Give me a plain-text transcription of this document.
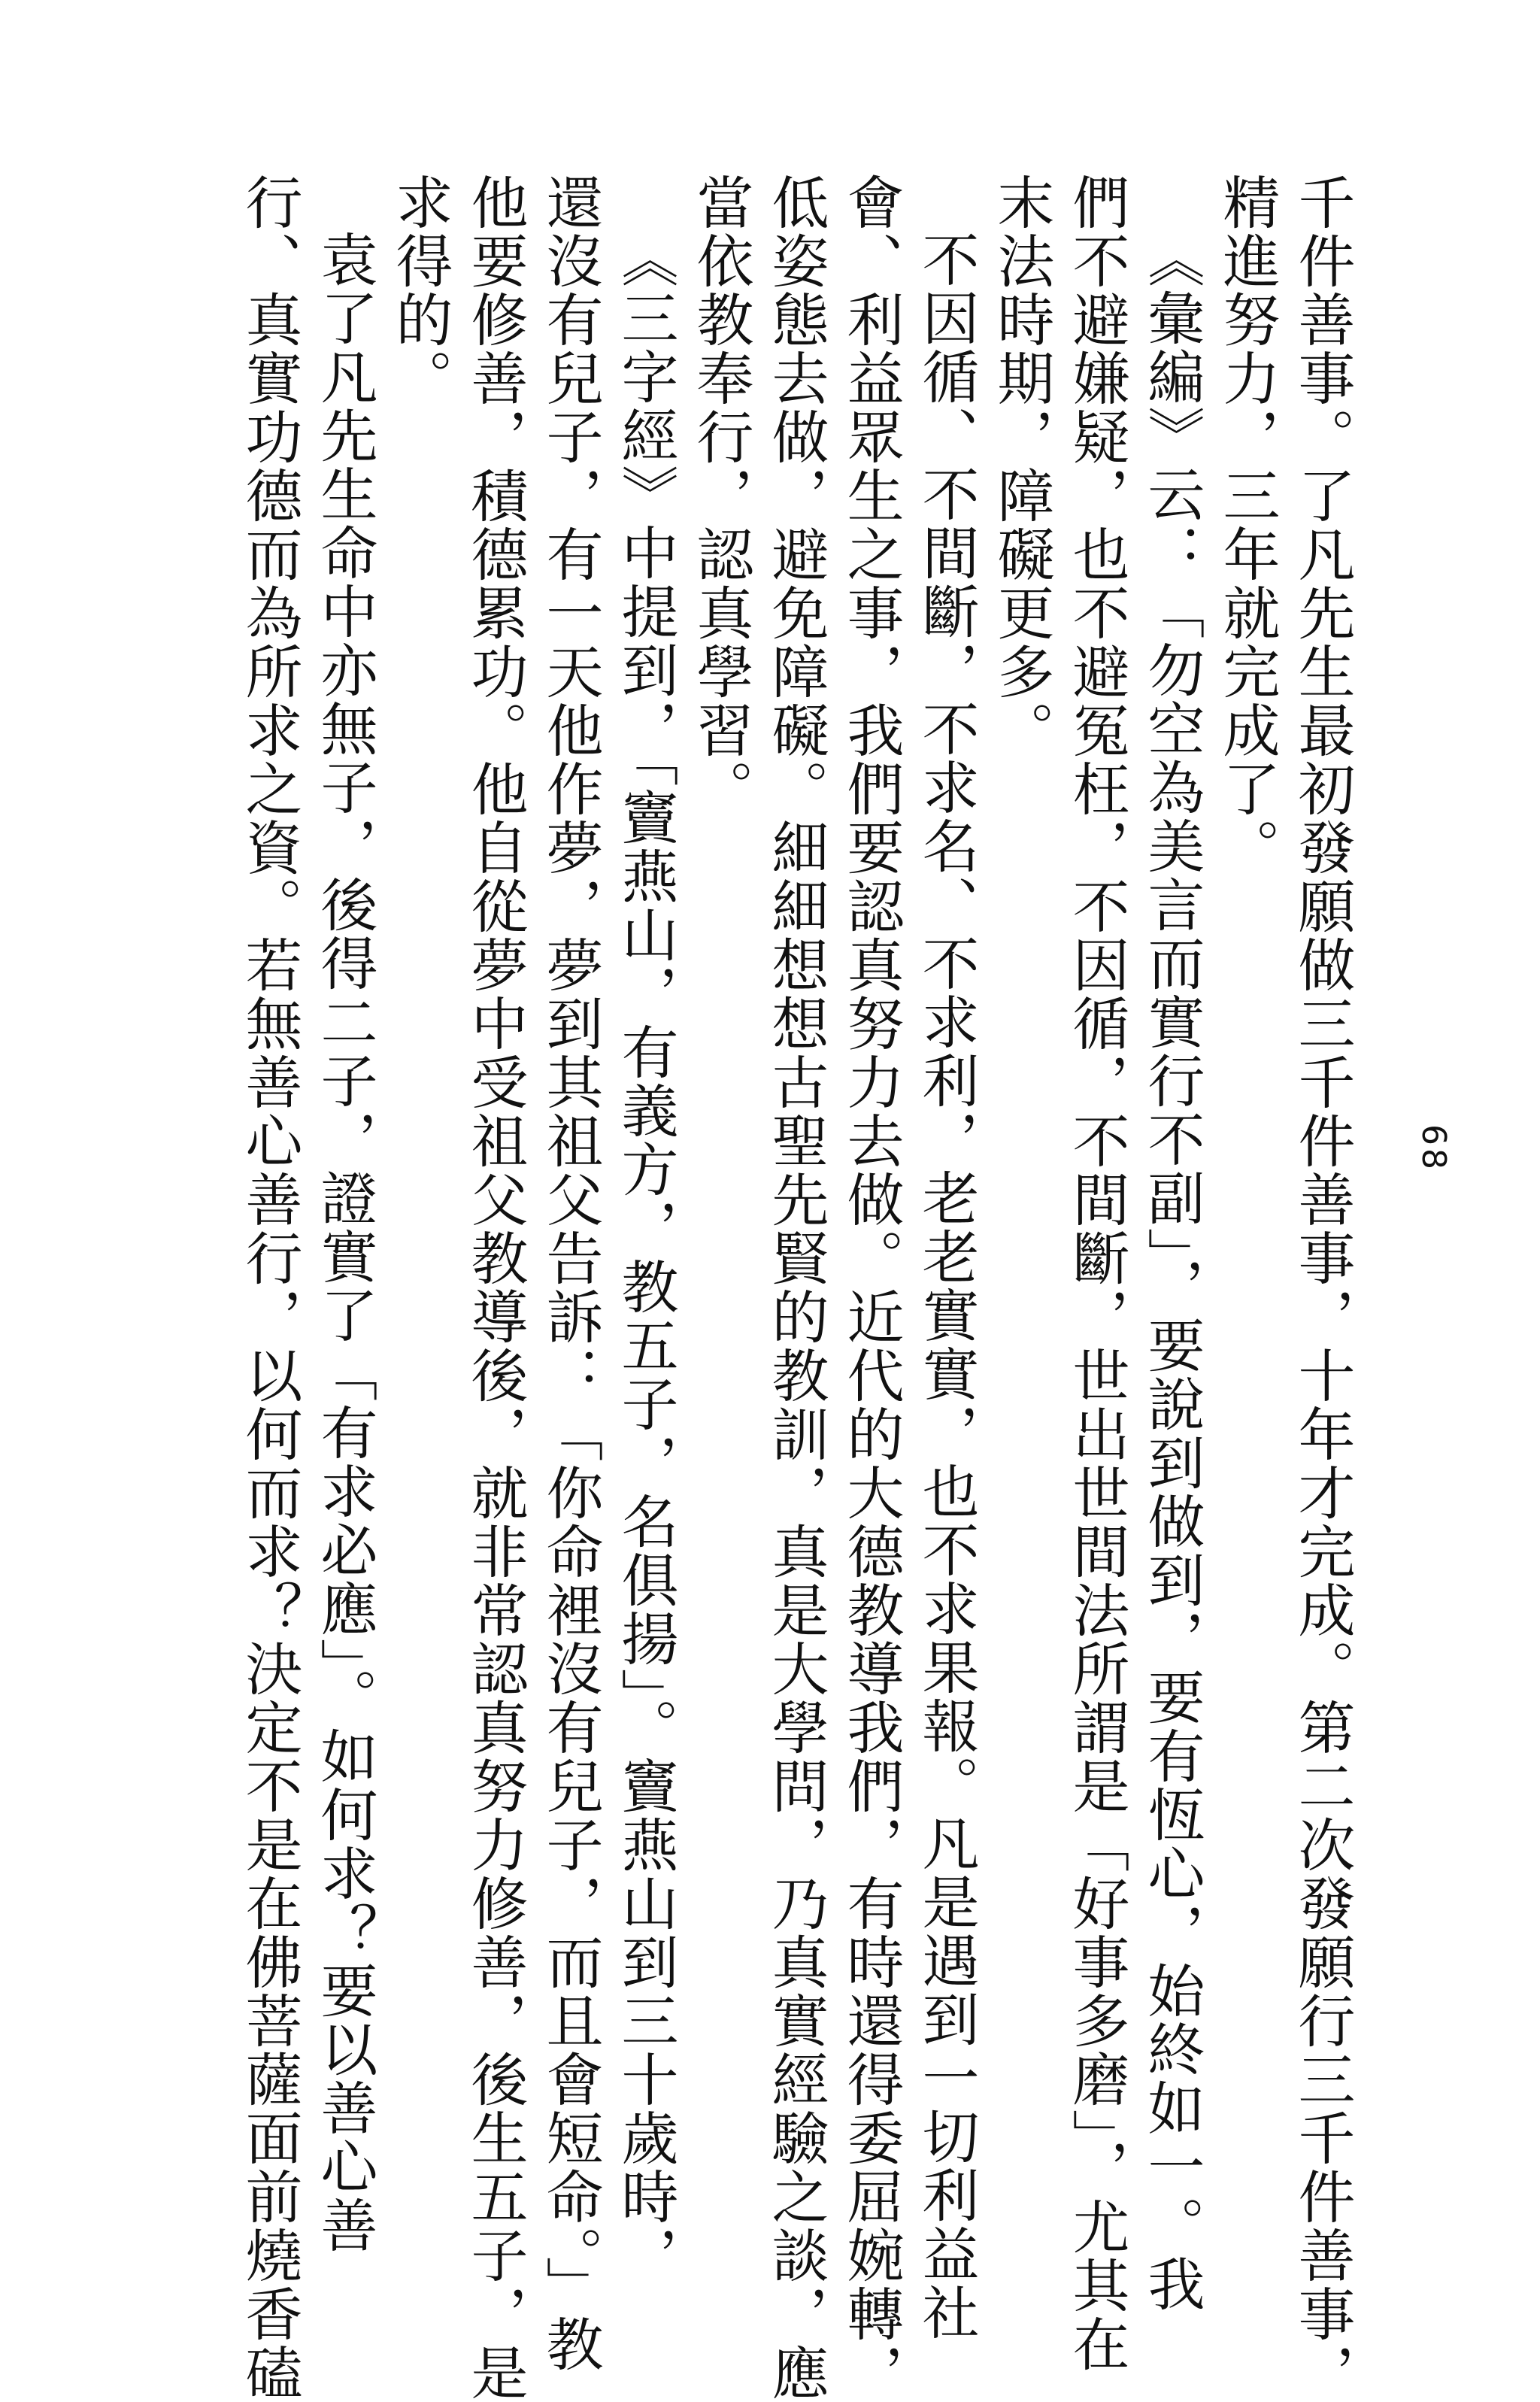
68
千件善事。了凡先生最初發願做三千件善事，十年才完成。第二次發願行三千件善事，
精進努力，三年就完成了。
《彙編》云：「勿空為美言而實行不副」，要說到做到，要有恆心，始終如一。我
們不避嫌疑，也不避冤枉，不因循，不間斷，世出世間法所謂是「好事多磨」，尤其在
末法時期，障礙更多。
不因循、不間斷，不求名、不求利，老老實實，也不求果報。凡是遇到一切利益社
會、利益眾生之事，我們要認真努力去做。近代的大德教導我們，有時還得委屈婉轉，
低姿態去做，避免障礙。細細想想古聖先賢的教訓，真是大學問，乃真實經驗之談，應
當依教奉行，認真學習。
《三字經》中提到，「竇燕山，有義方，教五子，名俱揚」。竇燕山到三十歲時，
還沒有兒子，有一天他作夢，夢到其祖父告訴：「你命裡沒有兒子，而且會短命。」教
他要修善，積德累功。他自從夢中受祖父教導後，就非常認真努力修善，後生五子，是
求得的。
袁了凡先生命中亦無子，後得二子，證實了「有求必應」。如何求？要以善心善
行、真實功德而為所求之資。若無善心善行，以何而求？決定不是在佛菩薩面前燒香磕
